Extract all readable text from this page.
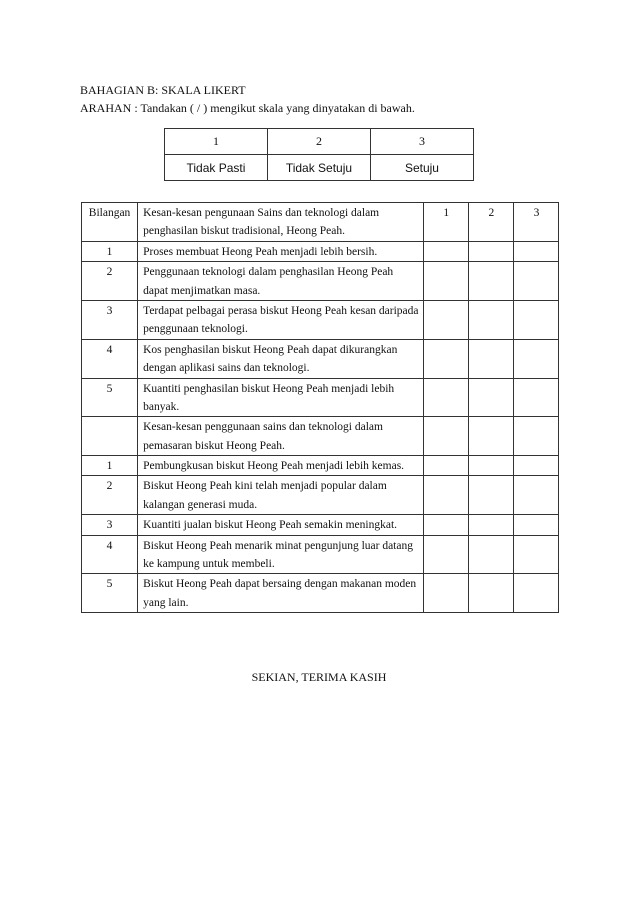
BAHAGIAN B: SKALA LIKERT
ARAHAN : Tandakan ( / ) mengikut skala yang dinyatakan di bawah.
1	2	3
Tidak Pasti	Tidak Setuju	Setuju
Bilangan	Kesan-kesan pengunaan Sains dan teknologi dalam penghasilan biskut tradisional, Heong Peah.	1	2	3
1	Proses membuat Heong Peah menjadi lebih bersih.			
2	Penggunaan teknologi dalam penghasilan Heong Peah dapat menjimatkan masa.			
3	Terdapat pelbagai perasa biskut Heong Peah kesan daripada penggunaan teknologi.			
4	Kos penghasilan biskut Heong Peah dapat dikurangkan dengan aplikasi sains dan teknologi.			
5	Kuantiti penghasilan biskut Heong Peah menjadi lebih banyak.			
	Kesan-kesan penggunaan sains dan teknologi dalam pemasaran biskut Heong Peah.			
1	Pembungkusan biskut Heong Peah menjadi lebih kemas.			
2	Biskut Heong Peah kini telah menjadi popular dalam kalangan generasi muda.			
3	Kuantiti jualan biskut Heong Peah semakin meningkat.			
4	Biskut Heong Peah menarik minat pengunjung luar datang ke kampung untuk membeli.			
5	Biskut Heong Peah dapat bersaing dengan makanan moden yang lain.			
SEKIAN, TERIMA KASIH
